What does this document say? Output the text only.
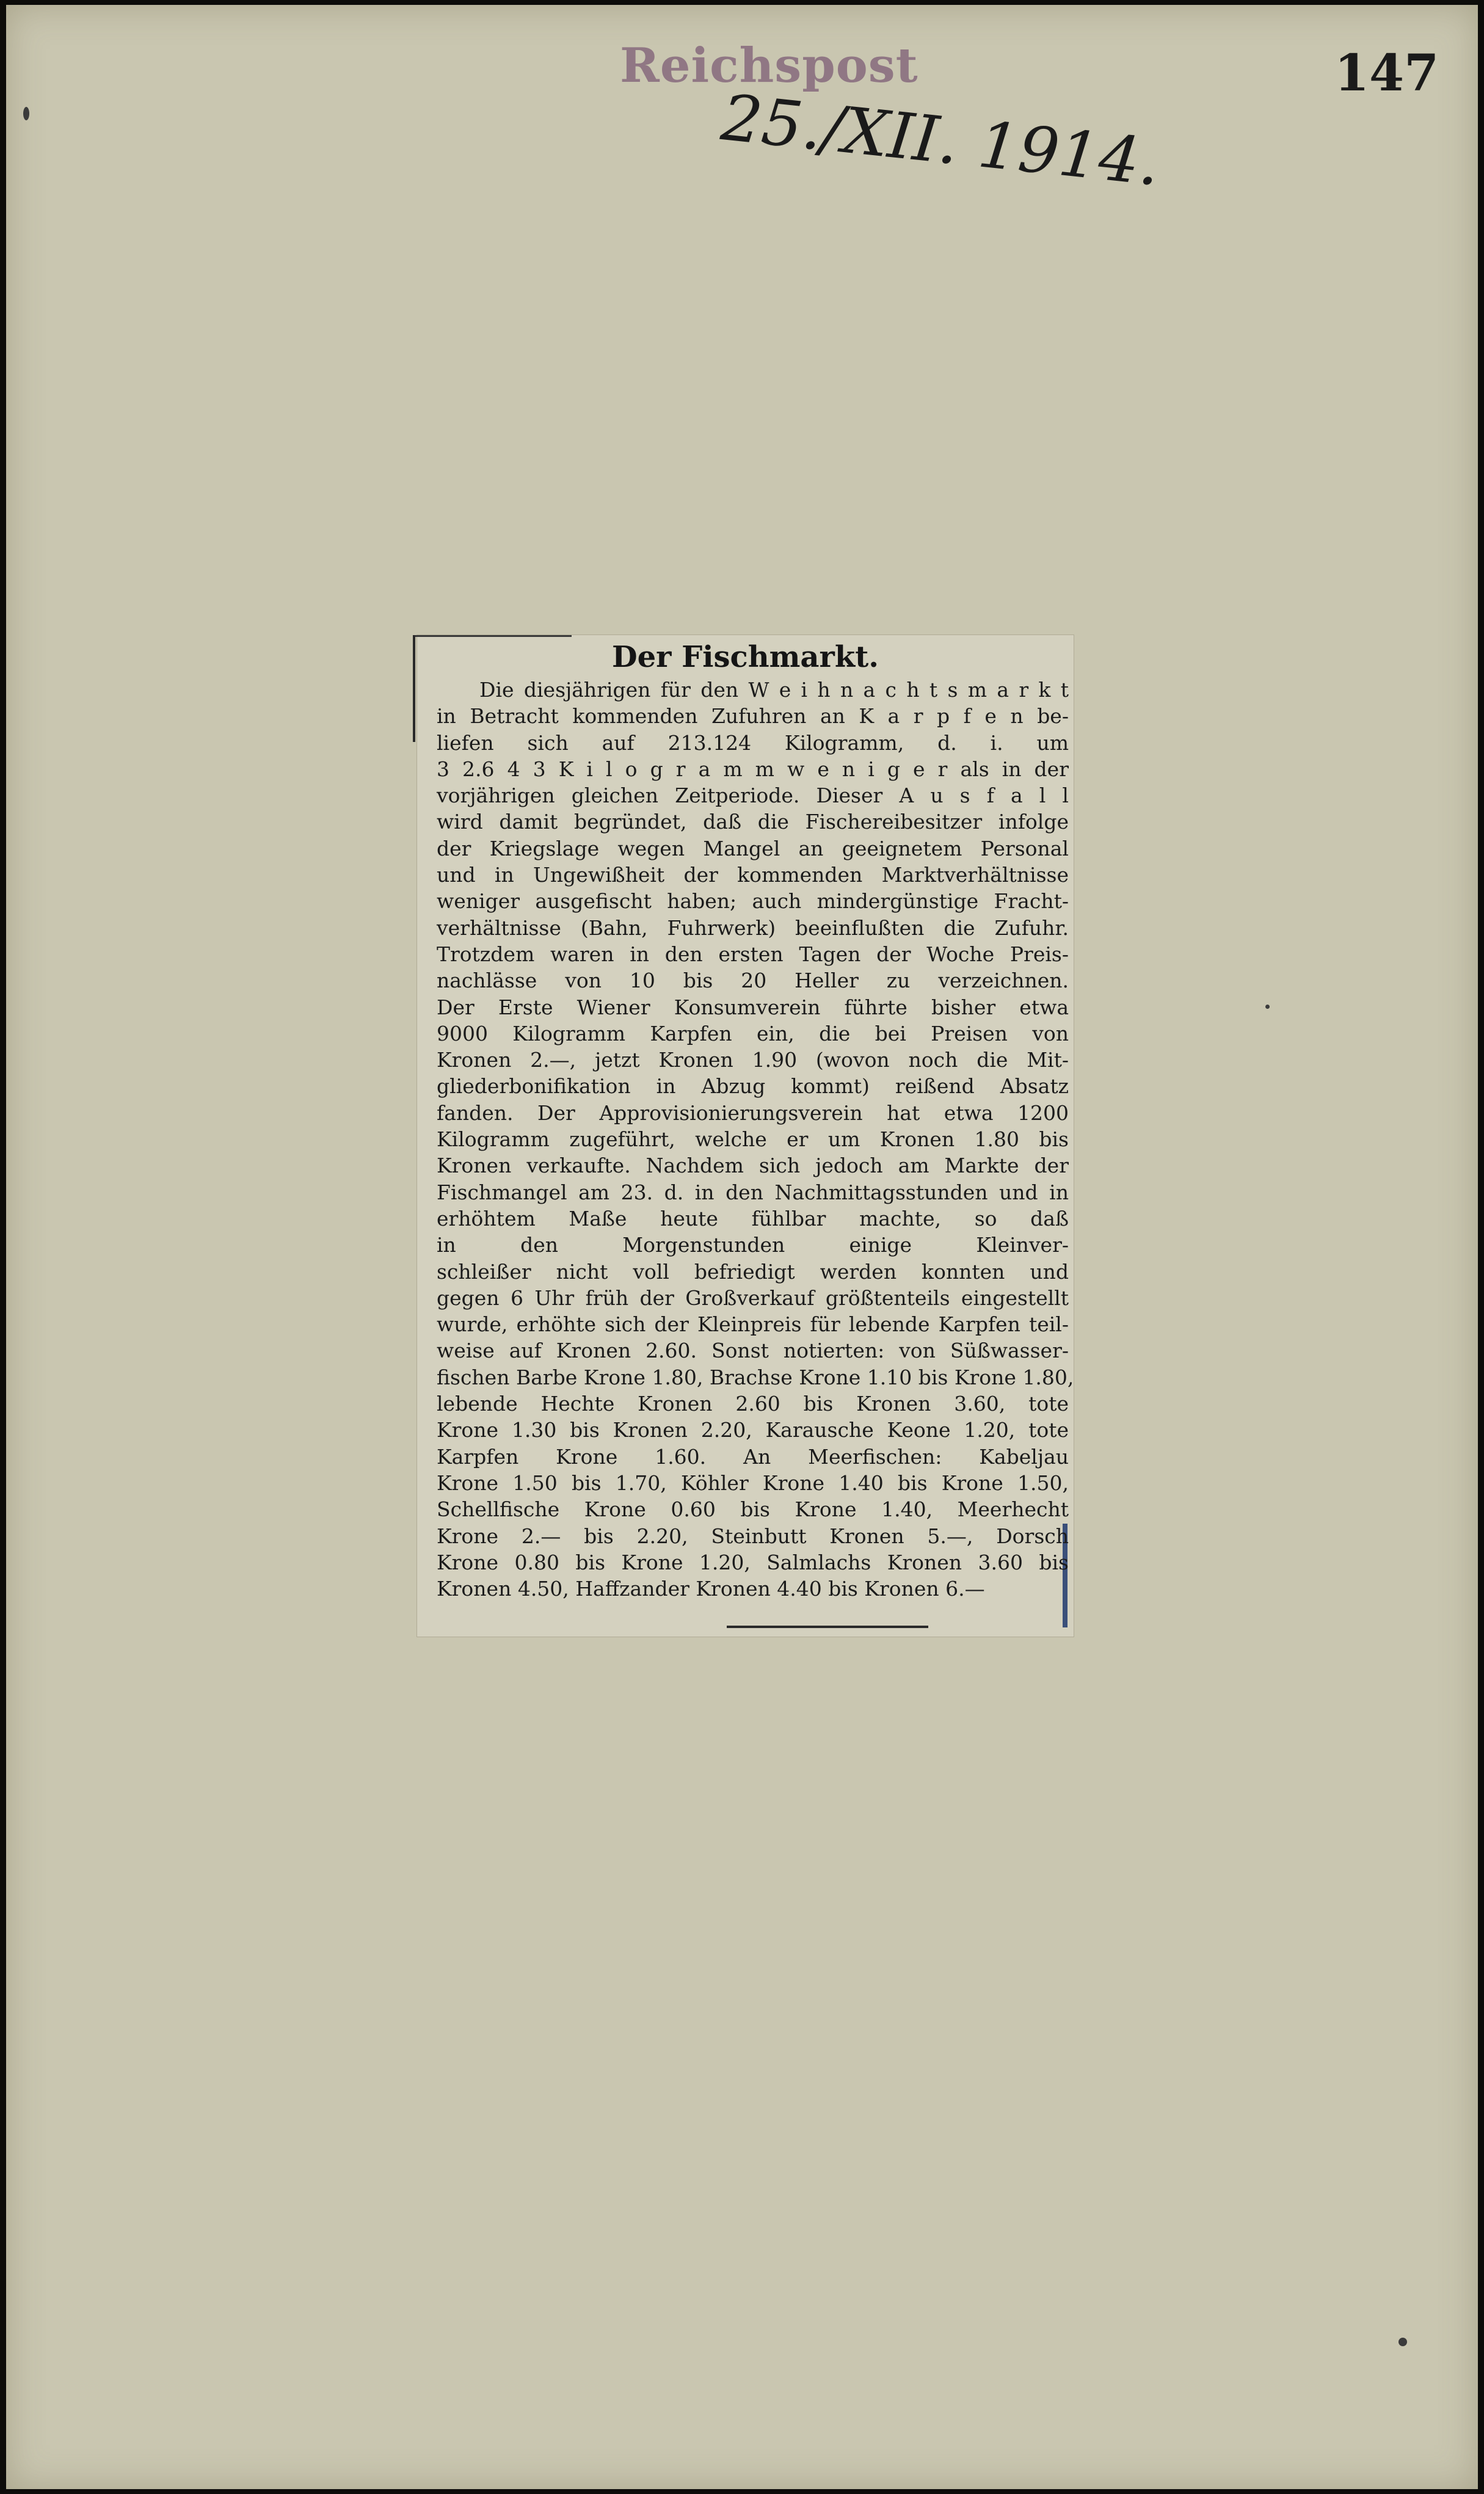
Reichspost
25./XII. 1914.
147
Der Fischmarkt.
Die diesjährigen für den W e i h n a c h t s m a r k t
in Betracht kommenden Zufuhren an K a r p f e n be-
liefen sich auf 213.124 Kilogramm, d. i. um
3 2.6 4 3 K i l o g r a m m w e n i g e r als in der
vorjährigen gleichen Zeitperiode. Dieser A u s f a l l
wird damit begründet, daß die Fischereibesitzer infolge
der Kriegslage wegen Mangel an geeignetem Personal
und in Ungewißheit der kommenden Marktverhältnisse
weniger ausgefischt haben; auch mindergünstige Fracht-
verhältnisse (Bahn, Fuhrwerk) beeinflußten die Zufuhr.
Trotzdem waren in den ersten Tagen der Woche Preis-
nachlässe von 10 bis 20 Heller zu verzeichnen.
Der Erste Wiener Konsumverein führte bisher etwa
9000 Kilogramm Karpfen ein, die bei Preisen von
Kronen 2.—, jetzt Kronen 1.90 (wovon noch die Mit-
gliederbonifikation in Abzug kommt) reißend Absatz
fanden. Der Approvisionierungsverein hat etwa 1200
Kilogramm zugeführt, welche er um Kronen 1.80 bis
Kronen verkaufte. Nachdem sich jedoch am Markte der
Fischmangel am 23. d. in den Nachmittagsstunden und in
erhöhtem Maße heute fühlbar machte, so daß
in den Morgenstunden einige Kleinver-
schleißer nicht voll befriedigt werden konnten und
gegen 6 Uhr früh der Großverkauf größtenteils eingestellt
wurde, erhöhte sich der Kleinpreis für lebende Karpfen teil-
weise auf Kronen 2.60. Sonst notierten: von Süßwasser-
fischen Barbe Krone 1.80, Brachse Krone 1.10 bis Krone 1.80,
lebende Hechte Kronen 2.60 bis Kronen 3.60, tote
Krone 1.30 bis Kronen 2.20, Karausche Keone 1.20, tote
Karpfen Krone 1.60. An Meerfischen: Kabeljau
Krone 1.50 bis 1.70, Köhler Krone 1.40 bis Krone 1.50,
Schellfische Krone 0.60 bis Krone 1.40, Meerhecht
Krone 2.— bis 2.20, Steinbutt Kronen 5.—, Dorsch
Krone 0.80 bis Krone 1.20, Salmlachs Kronen 3.60 bis
Kronen 4.50, Haffzander Kronen 4.40 bis Kronen 6.—
